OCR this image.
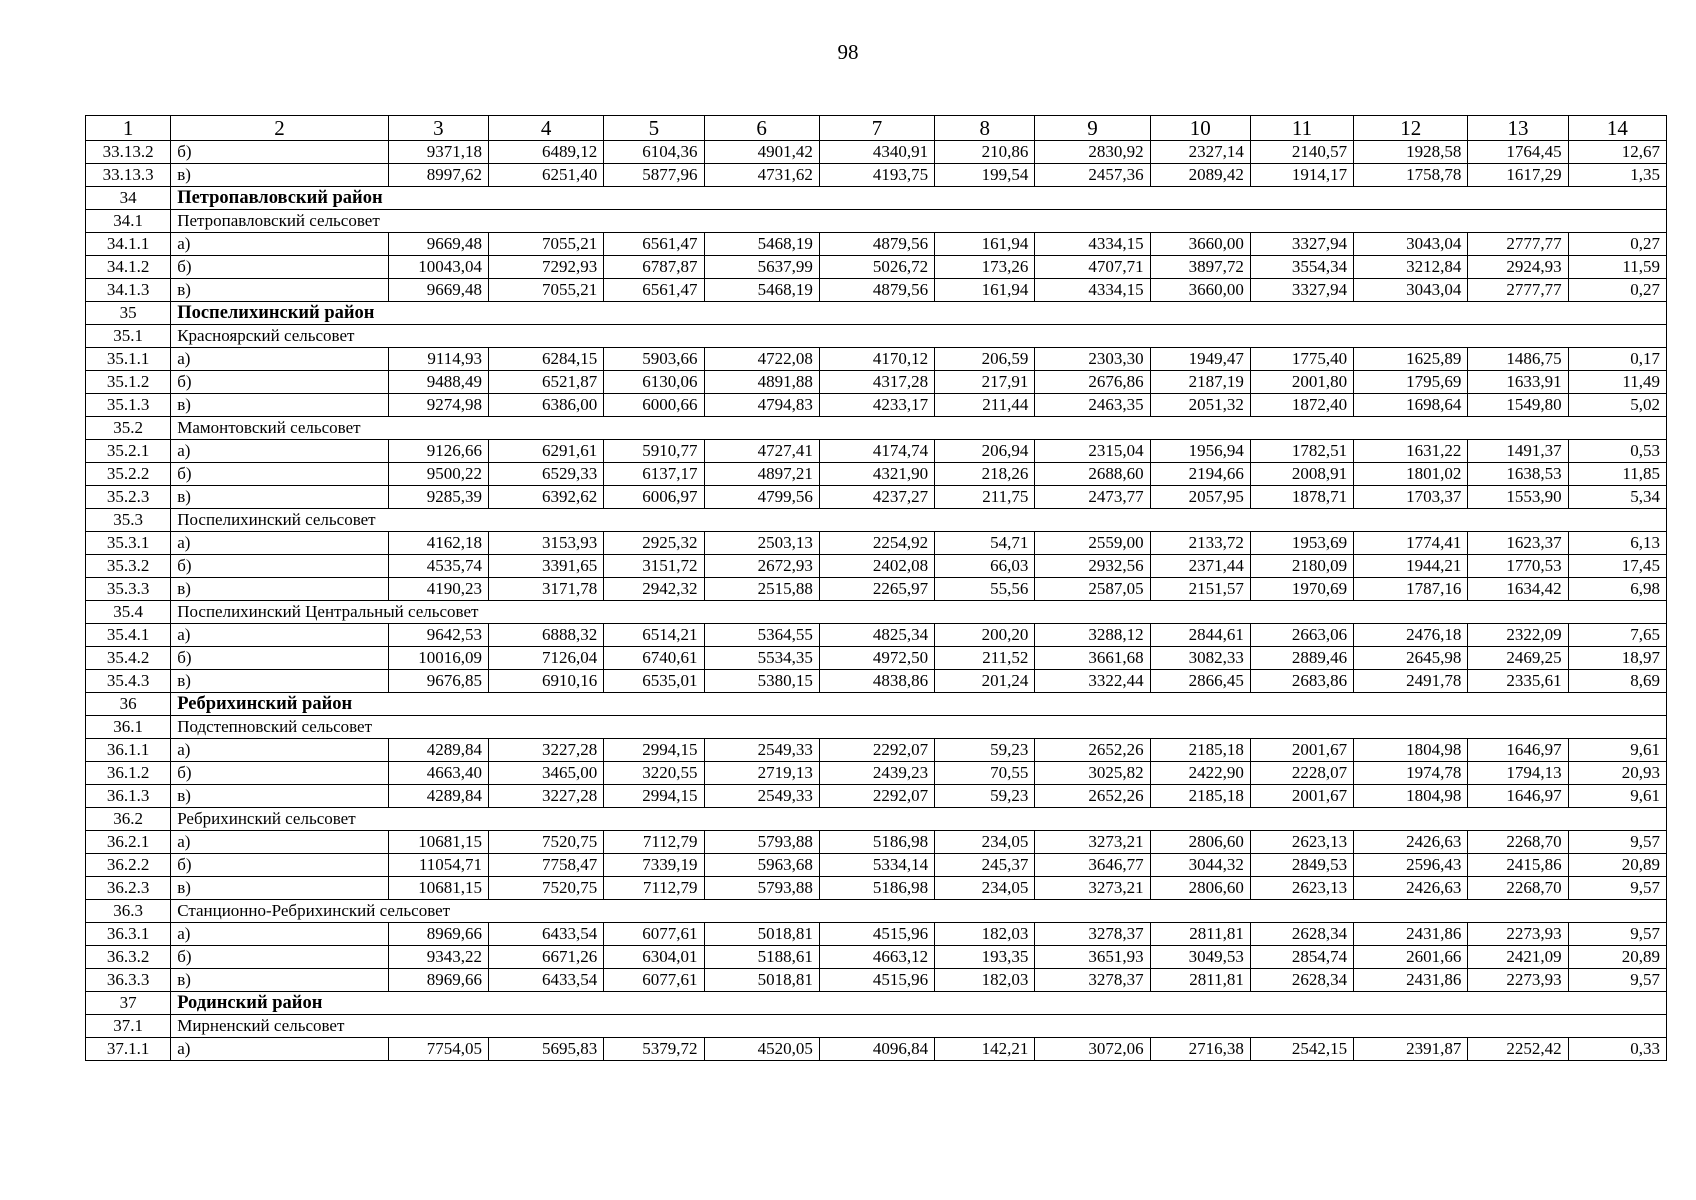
98
1	2	3	4	5	6	7	8	9	10	11	12	13	14
33.13.2	б)	9371,18	6489,12	6104,36	4901,42	4340,91	210,86	2830,92	2327,14	2140,57	1928,58	1764,45	12,67
33.13.3	в)	8997,62	6251,40	5877,96	4731,62	4193,75	199,54	2457,36	2089,42	1914,17	1758,78	1617,29	1,35
34	Петропавловский район												
34.1	Петропавловский сельсовет												
34.1.1	а)	9669,48	7055,21	6561,47	5468,19	4879,56	161,94	4334,15	3660,00	3327,94	3043,04	2777,77	0,27
34.1.2	б)	10043,04	7292,93	6787,87	5637,99	5026,72	173,26	4707,71	3897,72	3554,34	3212,84	2924,93	11,59
34.1.3	в)	9669,48	7055,21	6561,47	5468,19	4879,56	161,94	4334,15	3660,00	3327,94	3043,04	2777,77	0,27
35	Поспелихинский район												
35.1	Красноярский сельсовет												
35.1.1	а)	9114,93	6284,15	5903,66	4722,08	4170,12	206,59	2303,30	1949,47	1775,40	1625,89	1486,75	0,17
35.1.2	б)	9488,49	6521,87	6130,06	4891,88	4317,28	217,91	2676,86	2187,19	2001,80	1795,69	1633,91	11,49
35.1.3	в)	9274,98	6386,00	6000,66	4794,83	4233,17	211,44	2463,35	2051,32	1872,40	1698,64	1549,80	5,02
35.2	Мамонтовский сельсовет												
35.2.1	а)	9126,66	6291,61	5910,77	4727,41	4174,74	206,94	2315,04	1956,94	1782,51	1631,22	1491,37	0,53
35.2.2	б)	9500,22	6529,33	6137,17	4897,21	4321,90	218,26	2688,60	2194,66	2008,91	1801,02	1638,53	11,85
35.2.3	в)	9285,39	6392,62	6006,97	4799,56	4237,27	211,75	2473,77	2057,95	1878,71	1703,37	1553,90	5,34
35.3	Поспелихинский сельсовет												
35.3.1	а)	4162,18	3153,93	2925,32	2503,13	2254,92	54,71	2559,00	2133,72	1953,69	1774,41	1623,37	6,13
35.3.2	б)	4535,74	3391,65	3151,72	2672,93	2402,08	66,03	2932,56	2371,44	2180,09	1944,21	1770,53	17,45
35.3.3	в)	4190,23	3171,78	2942,32	2515,88	2265,97	55,56	2587,05	2151,57	1970,69	1787,16	1634,42	6,98
35.4	Поспелихинский Центральный сельсовет												
35.4.1	а)	9642,53	6888,32	6514,21	5364,55	4825,34	200,20	3288,12	2844,61	2663,06	2476,18	2322,09	7,65
35.4.2	б)	10016,09	7126,04	6740,61	5534,35	4972,50	211,52	3661,68	3082,33	2889,46	2645,98	2469,25	18,97
35.4.3	в)	9676,85	6910,16	6535,01	5380,15	4838,86	201,24	3322,44	2866,45	2683,86	2491,78	2335,61	8,69
36	Ребрихинский район												
36.1	Подстепновский сельсовет												
36.1.1	а)	4289,84	3227,28	2994,15	2549,33	2292,07	59,23	2652,26	2185,18	2001,67	1804,98	1646,97	9,61
36.1.2	б)	4663,40	3465,00	3220,55	2719,13	2439,23	70,55	3025,82	2422,90	2228,07	1974,78	1794,13	20,93
36.1.3	в)	4289,84	3227,28	2994,15	2549,33	2292,07	59,23	2652,26	2185,18	2001,67	1804,98	1646,97	9,61
36.2	Ребрихинский сельсовет												
36.2.1	а)	10681,15	7520,75	7112,79	5793,88	5186,98	234,05	3273,21	2806,60	2623,13	2426,63	2268,70	9,57
36.2.2	б)	11054,71	7758,47	7339,19	5963,68	5334,14	245,37	3646,77	3044,32	2849,53	2596,43	2415,86	20,89
36.2.3	в)	10681,15	7520,75	7112,79	5793,88	5186,98	234,05	3273,21	2806,60	2623,13	2426,63	2268,70	9,57
36.3	Станционно-Ребрихинский сельсовет												
36.3.1	а)	8969,66	6433,54	6077,61	5018,81	4515,96	182,03	3278,37	2811,81	2628,34	2431,86	2273,93	9,57
36.3.2	б)	9343,22	6671,26	6304,01	5188,61	4663,12	193,35	3651,93	3049,53	2854,74	2601,66	2421,09	20,89
36.3.3	в)	8969,66	6433,54	6077,61	5018,81	4515,96	182,03	3278,37	2811,81	2628,34	2431,86	2273,93	9,57
37	Родинский район												
37.1	Мирненский сельсовет												
37.1.1	а)	7754,05	5695,83	5379,72	4520,05	4096,84	142,21	3072,06	2716,38	2542,15	2391,87	2252,42	0,33
